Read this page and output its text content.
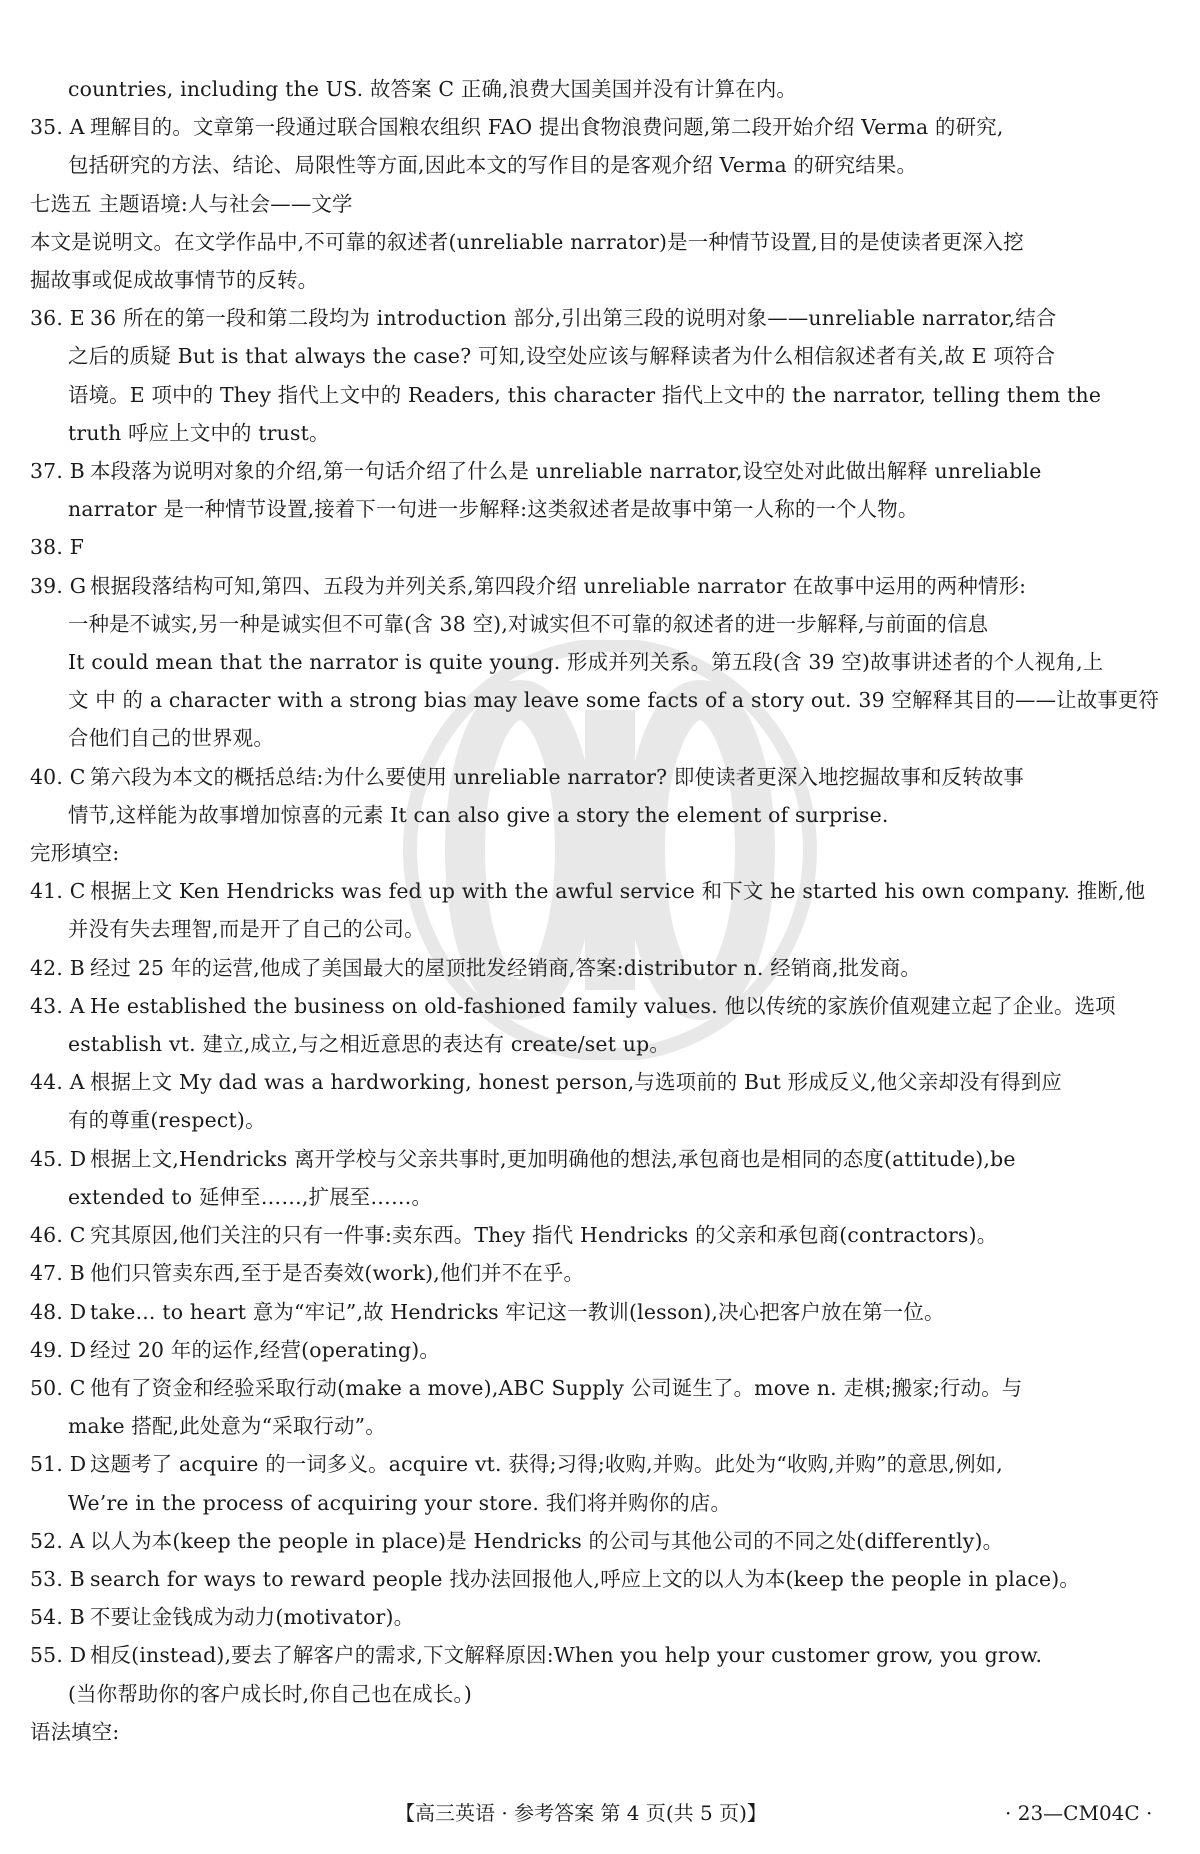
countries, including the US. 故答案 C 正确,浪费大国美国并没有计算在内。
35. A 理解目的。文章第一段通过联合国粮农组织 FAO 提出食物浪费问题,第二段开始介绍 Verma 的研究,
包括研究的方法、结论、局限性等方面,因此本文的写作目的是客观介绍 Verma 的研究结果。
七选五 主题语境:人与社会——文学
本文是说明文。在文学作品中,不可靠的叙述者(unreliable narrator)是一种情节设置,目的是使读者更深入挖
掘故事或促成故事情节的反转。
36. E 36 所在的第一段和第二段均为 introduction 部分,引出第三段的说明对象——unreliable narrator,结合
之后的质疑 But is that always the case? 可知,设空处应该与解释读者为什么相信叙述者有关,故 E 项符合
语境。E 项中的 They 指代上文中的 Readers, this character 指代上文中的 the narrator, telling them the
truth 呼应上文中的 trust。
37. B 本段落为说明对象的介绍,第一句话介绍了什么是 unreliable narrator,设空处对此做出解释 unreliable
narrator 是一种情节设置,接着下一句进一步解释:这类叙述者是故事中第一人称的一个人物。
38. F
39. G 根据段落结构可知,第四、五段为并列关系,第四段介绍 unreliable narrator 在故事中运用的两种情形:
一种是不诚实,另一种是诚实但不可靠(含 38 空),对诚实但不可靠的叙述者的进一步解释,与前面的信息
It could mean that the narrator is quite young. 形成并列关系。第五段(含 39 空)故事讲述者的个人视角,上
文 中 的 a character with a strong bias may leave some facts of a story out. 39 空解释其目的——让故事更符
合他们自己的世界观。
40. C 第六段为本文的概括总结:为什么要使用 unreliable narrator? 即使读者更深入地挖掘故事和反转故事
情节,这样能为故事增加惊喜的元素 It can also give a story the element of surprise.
完形填空:
41. C 根据上文 Ken Hendricks was fed up with the awful service 和下文 he started his own company. 推断,他
并没有失去理智,而是开了自己的公司。
42. B 经过 25 年的运营,他成了美国最大的屋顶批发经销商,答案:distributor n. 经销商,批发商。
43. A He established the business on old-fashioned family values. 他以传统的家族价值观建立起了企业。选项
establish vt. 建立,成立,与之相近意思的表达有 create/set up。
44. A 根据上文 My dad was a hardworking, honest person,与选项前的 But 形成反义,他父亲却没有得到应
有的尊重(respect)。
45. D 根据上文,Hendricks 离开学校与父亲共事时,更加明确他的想法,承包商也是相同的态度(attitude),be
extended to 延伸至……,扩展至……。
46. C 究其原因,他们关注的只有一件事:卖东西。They 指代 Hendricks 的父亲和承包商(contractors)。
47. B 他们只管卖东西,至于是否奏效(work),他们并不在乎。
48. D take... to heart 意为“牢记”,故 Hendricks 牢记这一教训(lesson),决心把客户放在第一位。
49. D 经过 20 年的运作,经营(operating)。
50. C 他有了资金和经验采取行动(make a move),ABC Supply 公司诞生了。move n. 走棋;搬家;行动。与
make 搭配,此处意为“采取行动”。
51. D 这题考了 acquire 的一词多义。acquire vt. 获得;习得;收购,并购。此处为“收购,并购”的意思,例如,
We’re in the process of acquiring your store. 我们将并购你的店。
52. A 以人为本(keep the people in place)是 Hendricks 的公司与其他公司的不同之处(differently)。
53. B search for ways to reward people 找办法回报他人,呼应上文的以人为本(keep the people in place)。
54. B 不要让金钱成为动力(motivator)。
55. D 相反(instead),要去了解客户的需求,下文解释原因:When you help your customer grow, you grow.
(当你帮助你的客户成长时,你自己也在成长。)
语法填空:
【高三英语 · 参考答案 第 4 页(共 5 页)】	· 23—CM04C ·
